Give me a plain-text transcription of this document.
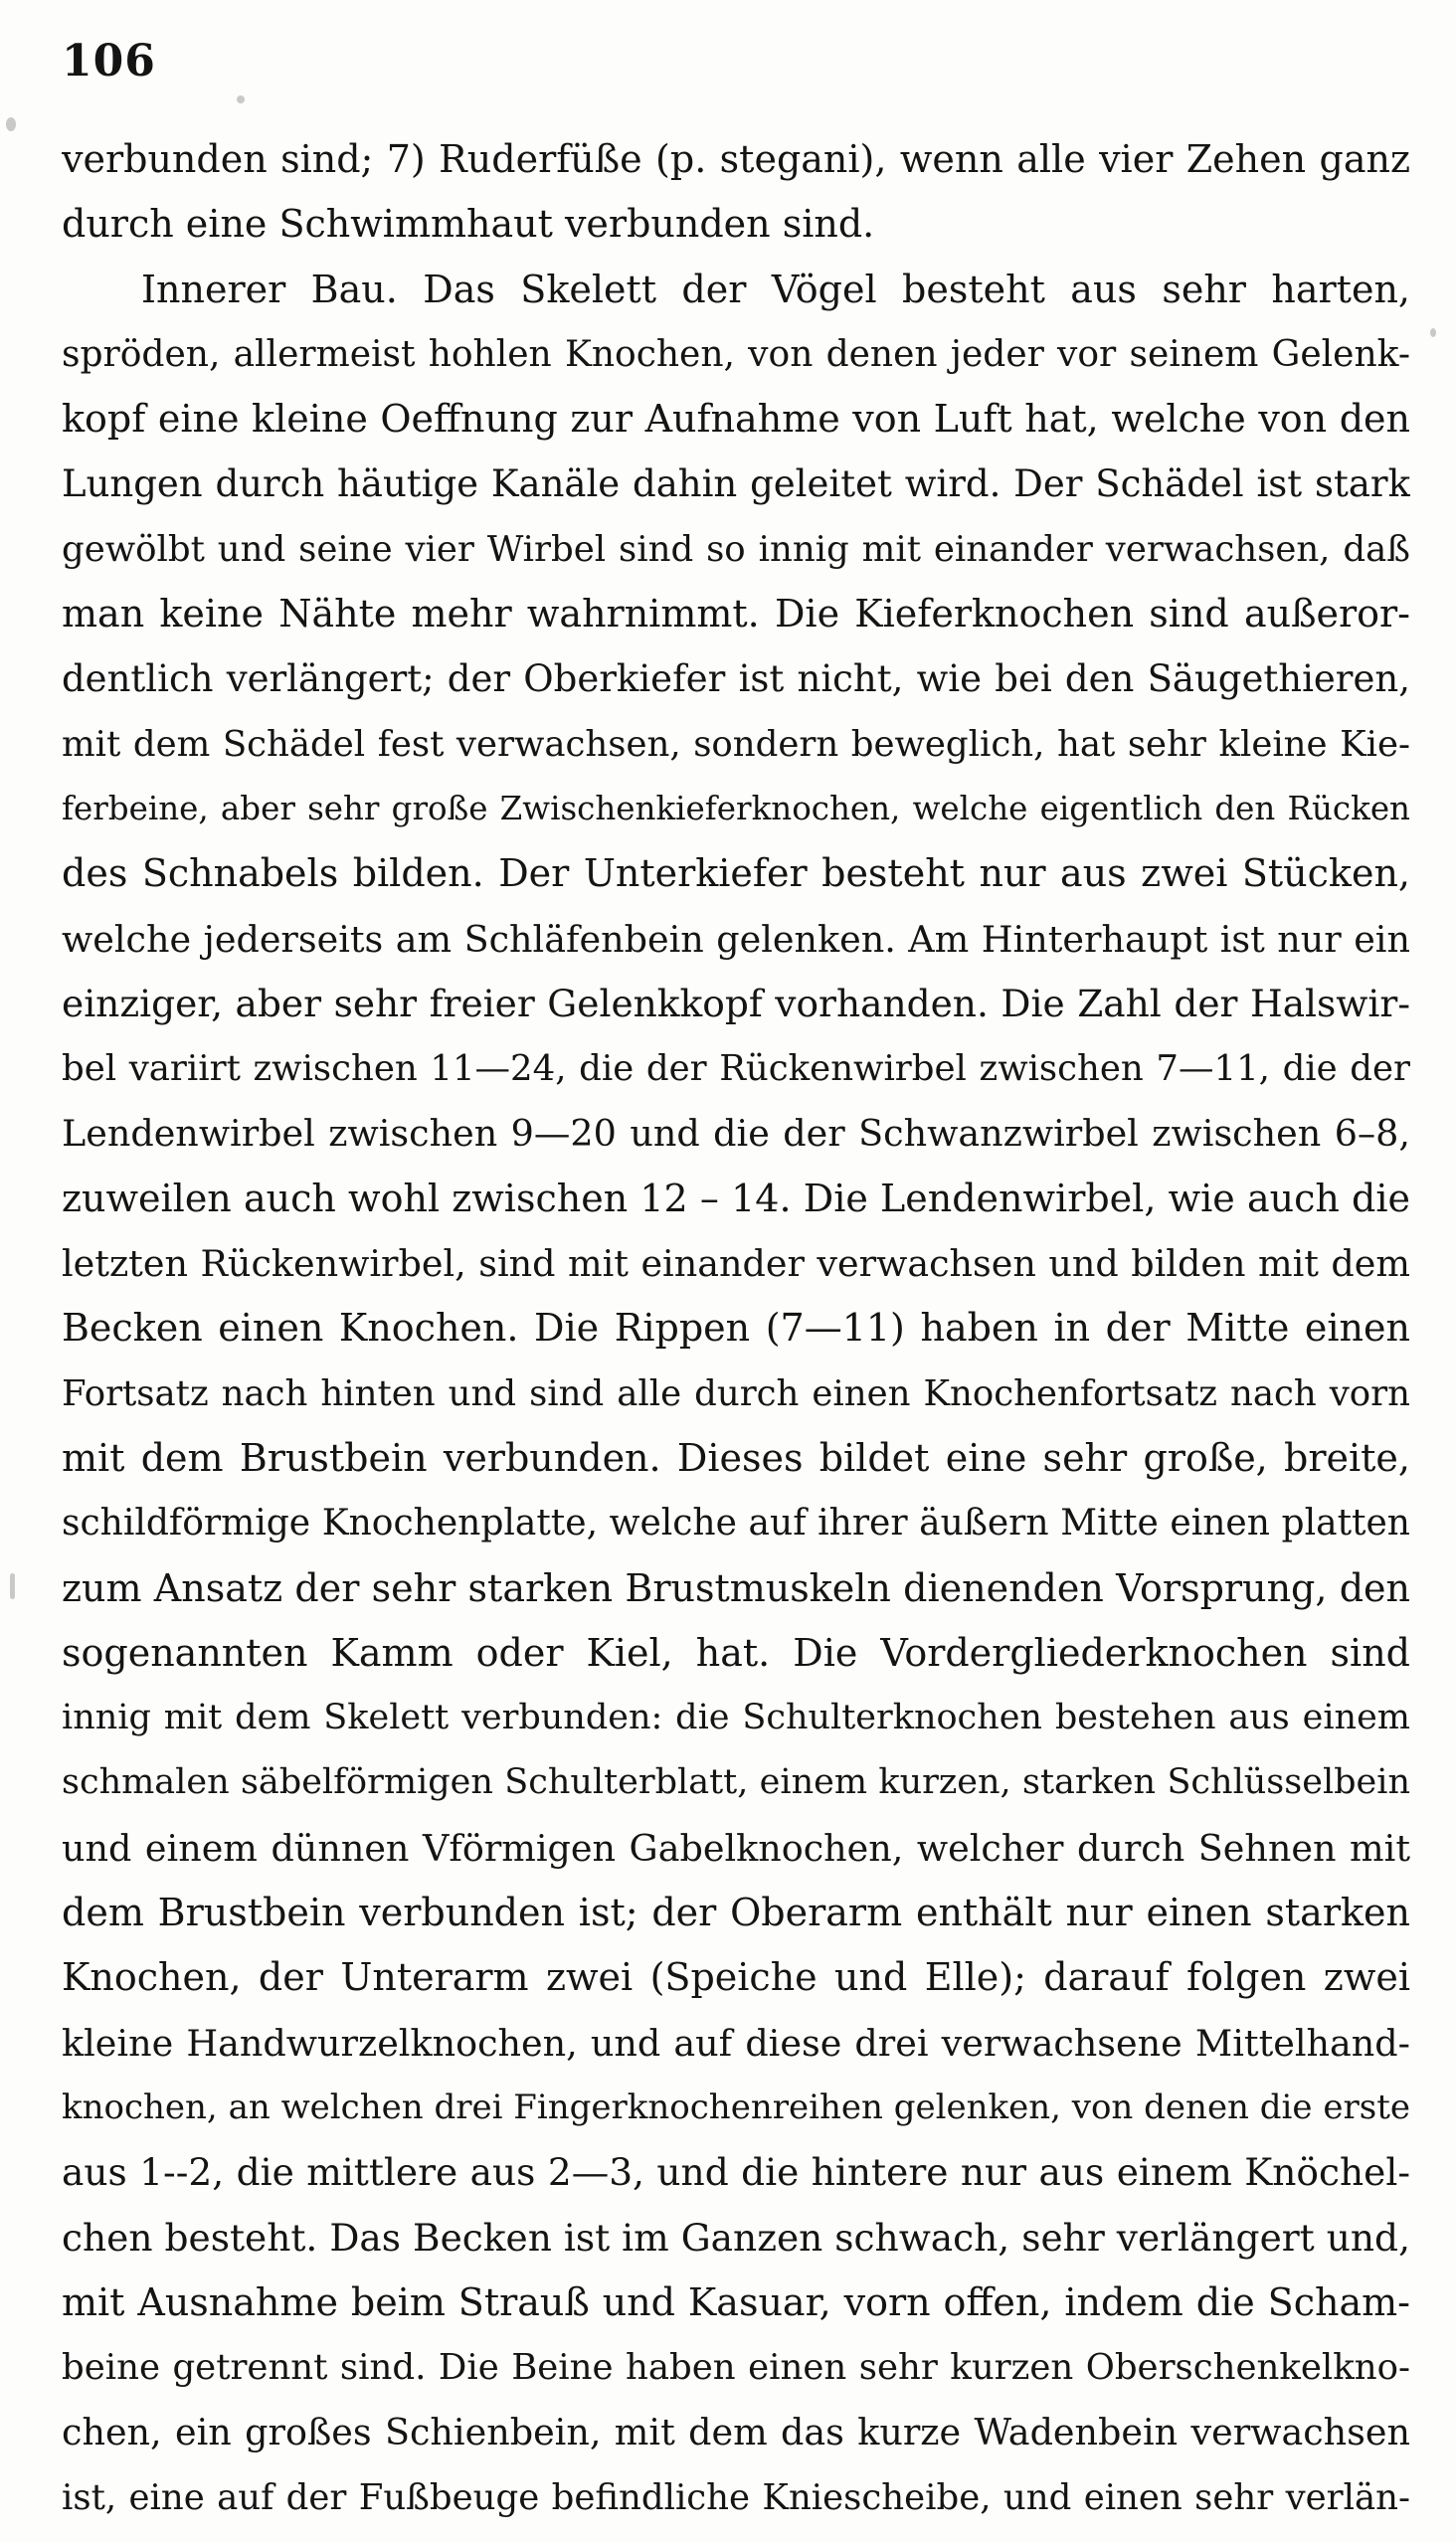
106
verbunden sind; 7) Ruderfüße (p. stegani), wenn alle vier Zehen ganz
durch eine Schwimmhaut verbunden sind.
Innerer Bau. Das Skelett der Vögel besteht aus sehr harten,
spröden, allermeist hohlen Knochen, von denen jeder vor seinem Gelenk-
kopf eine kleine Oeffnung zur Aufnahme von Luft hat, welche von den
Lungen durch häutige Kanäle dahin geleitet wird. Der Schädel ist stark
gewölbt und seine vier Wirbel sind so innig mit einander verwachsen, daß
man keine Nähte mehr wahrnimmt. Die Kieferknochen sind außeror-
dentlich verlängert; der Oberkiefer ist nicht, wie bei den Säugethieren,
mit dem Schädel fest verwachsen, sondern beweglich, hat sehr kleine Kie-
ferbeine, aber sehr große Zwischenkieferknochen, welche eigentlich den Rücken
des Schnabels bilden. Der Unterkiefer besteht nur aus zwei Stücken,
welche jederseits am Schläfenbein gelenken. Am Hinterhaupt ist nur ein
einziger, aber sehr freier Gelenkkopf vorhanden. Die Zahl der Halswir-
bel variirt zwischen 11—24, die der Rückenwirbel zwischen 7—11, die der
Lendenwirbel zwischen 9—20 und die der Schwanzwirbel zwischen 6–8,
zuweilen auch wohl zwischen 12 – 14. Die Lendenwirbel, wie auch die
letzten Rückenwirbel, sind mit einander verwachsen und bilden mit dem
Becken einen Knochen. Die Rippen (7—11) haben in der Mitte einen
Fortsatz nach hinten und sind alle durch einen Knochenfortsatz nach vorn
mit dem Brustbein verbunden. Dieses bildet eine sehr große, breite,
schildförmige Knochenplatte, welche auf ihrer äußern Mitte einen platten
zum Ansatz der sehr starken Brustmuskeln dienenden Vorsprung, den
sogenannten Kamm oder Kiel, hat. Die Vordergliederknochen sind
innig mit dem Skelett verbunden: die Schulterknochen bestehen aus einem
schmalen säbelförmigen Schulterblatt, einem kurzen, starken Schlüsselbein
und einem dünnen Vförmigen Gabelknochen, welcher durch Sehnen mit
dem Brustbein verbunden ist; der Oberarm enthält nur einen starken
Knochen, der Unterarm zwei (Speiche und Elle); darauf folgen zwei
kleine Handwurzelknochen, und auf diese drei verwachsene Mittelhand-
knochen, an welchen drei Fingerknochenreihen gelenken, von denen die erste
aus 1--2, die mittlere aus 2—3, und die hintere nur aus einem Knöchel-
chen besteht. Das Becken ist im Ganzen schwach, sehr verlängert und,
mit Ausnahme beim Strauß und Kasuar, vorn offen, indem die Scham-
beine getrennt sind. Die Beine haben einen sehr kurzen Oberschenkelkno-
chen, ein großes Schienbein, mit dem das kurze Wadenbein verwachsen
ist, eine auf der Fußbeuge befindliche Kniescheibe, und einen sehr verlän-
